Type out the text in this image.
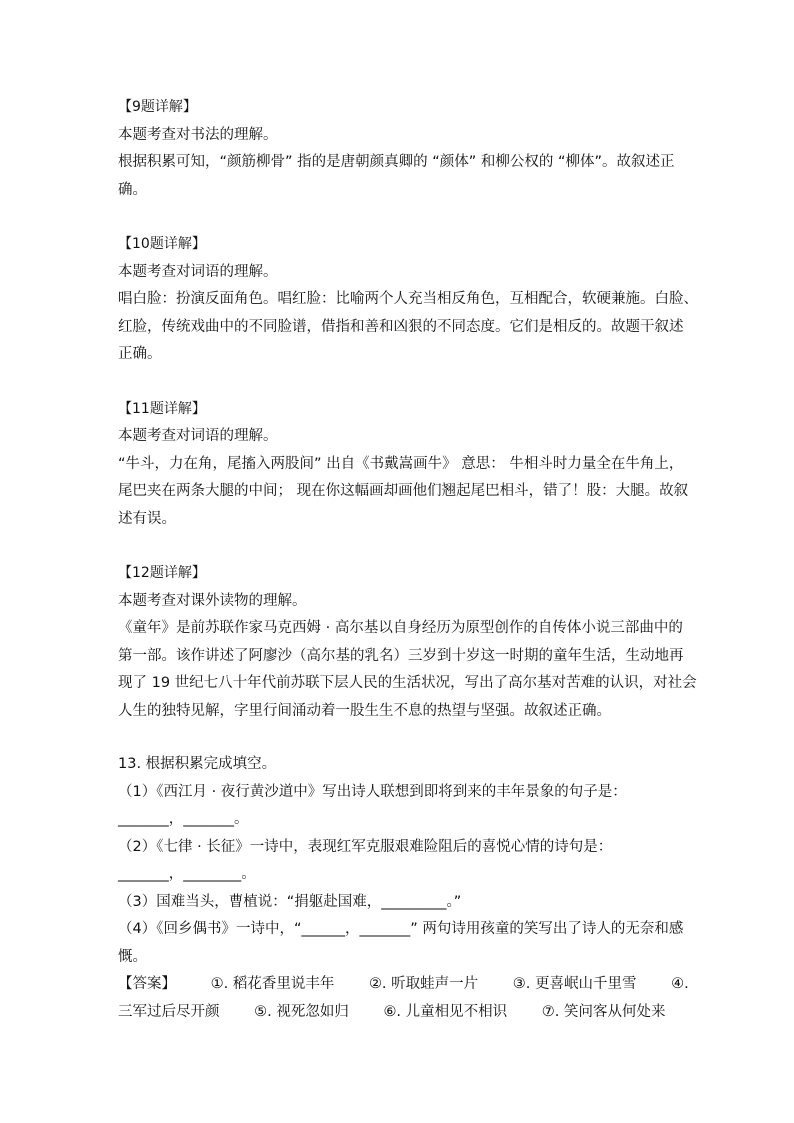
【9题详解】
本题考查对书法的理解。
根据积累可知，“颜筋柳骨” 指的是唐朝颜真卿的 “颜体” 和柳公权的 “柳体”。故叙述正
确。
【10题详解】
本题考查对词语的理解。
唱白脸：扮演反面角色。唱红脸：比喻两个人充当相反角色，互相配合，软硬兼施。白脸、
红脸，传统戏曲中的不同脸谱，借指和善和凶狠的不同态度。它们是相反的。故题干叙述
正确。
【11题详解】
本题考查对词语的理解。
“牛斗，力在角，尾搐入两股间” 出自《书戴嵩画牛》 意思： 牛相斗时力量全在牛角上，
尾巴夹在两条大腿的中间； 现在你这幅画却画他们翘起尾巴相斗，错了！股：大腿。故叙
述有误。
【12题详解】
本题考查对课外读物的理解。
《童年》是前苏联作家马克西姆 · 高尔基以自身经历为原型创作的自传体小说三部曲中的
第一部。该作讲述了阿廖沙（高尔基的乳名）三岁到十岁这一时期的童年生活，生动地再
现了 19 世纪七八十年代前苏联下层人民的生活状况，写出了高尔基对苦难的认识，对社会
人生的独特见解，字里行间涌动着一股生生不息的热望与坚强。故叙述正确。
13. 根据积累完成填空。
（1）《西江月 · 夜行黄沙道中》写出诗人联想到即将到来的丰年景象的句子是：
_______，_______。
（2）《七律 · 长征》一诗中，表现红军克服艰难险阻后的喜悦心情的诗句是：
_______，________。
（3）国难当头，曹植说：“捐躯赴国难，_________。”
（4）《回乡偶书》一诗中，“______，_______” 两句诗用孩童的笑写出了诗人的无奈和感
慨。
【答案】 ①. 稻花香里说丰年 ②. 听取蛙声一片 ③. 更喜岷山千里雪 ④.
三军过后尽开颜 ⑤. 视死忽如归 ⑥. 儿童相见不相识 ⑦. 笑问客从何处来
